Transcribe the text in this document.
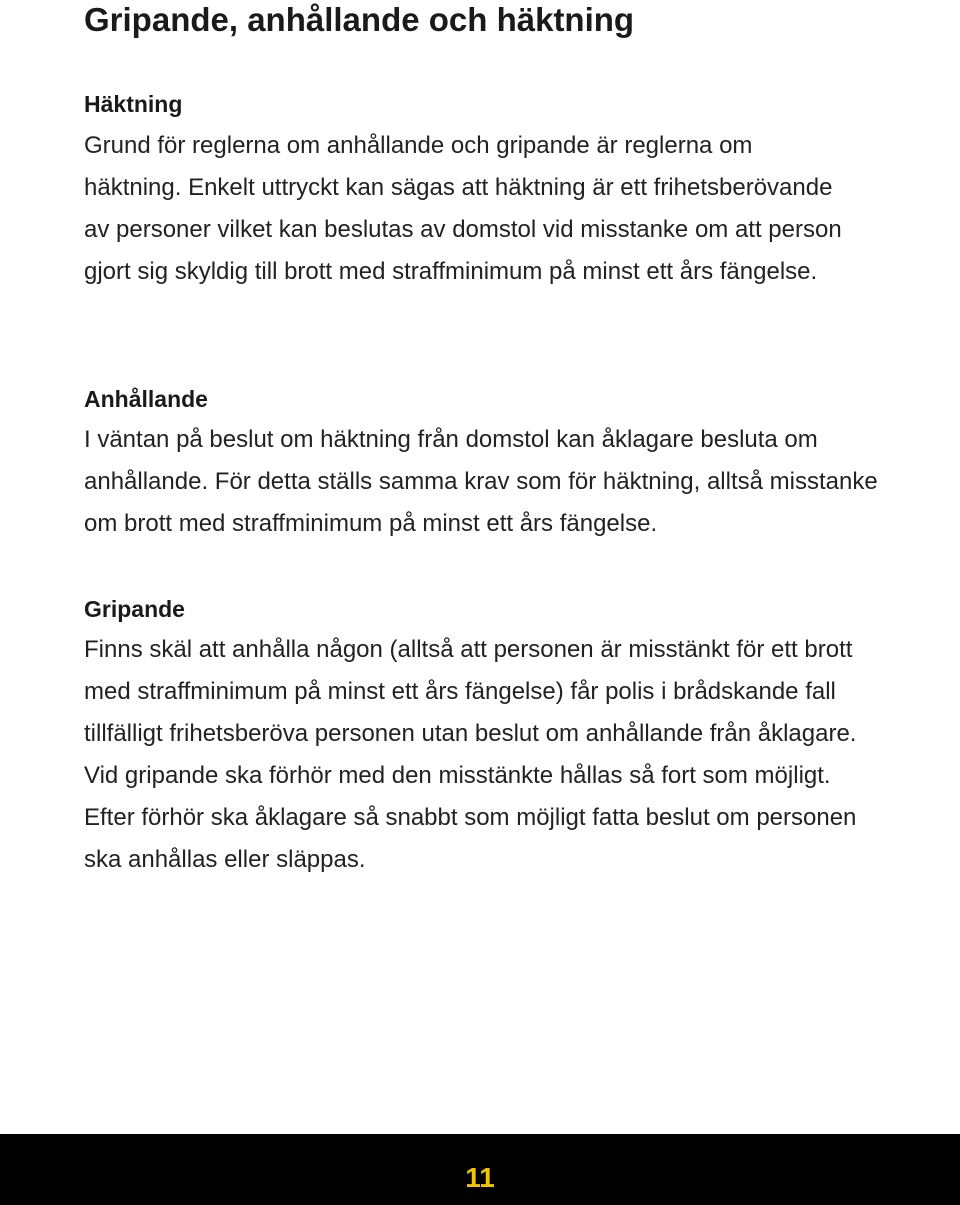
Gripande, anhållande och häktning
Häktning

Grund för reglerna om anhållande och gripande är reglerna om häktning. Enkelt uttryckt kan sägas att häktning är ett frihetsberövande av personer vilket kan beslutas av domstol vid misstanke om att person gjort sig skyldig till brott med straffminimum på minst ett års fängelse.

Anhållande

I väntan på beslut om häktning från domstol kan åklagare besluta om anhållande. För detta ställs samma krav som för häktning, alltså misstanke om brott med straffminimum på minst ett års fängelse.

Gripande

Finns skäl att anhålla någon (alltså att personen är misstänkt för ett brott med straffminimum på minst ett års fängelse) får polis i brådskande fall tillfälligt frihetsberöva personen utan beslut om anhållande från åklagare. Vid gripande ska förhör med den misstänkte hållas så fort som möjligt. Efter förhör ska åklagare så snabbt som möjligt fatta beslut om personen ska anhållas eller släppas.

11
